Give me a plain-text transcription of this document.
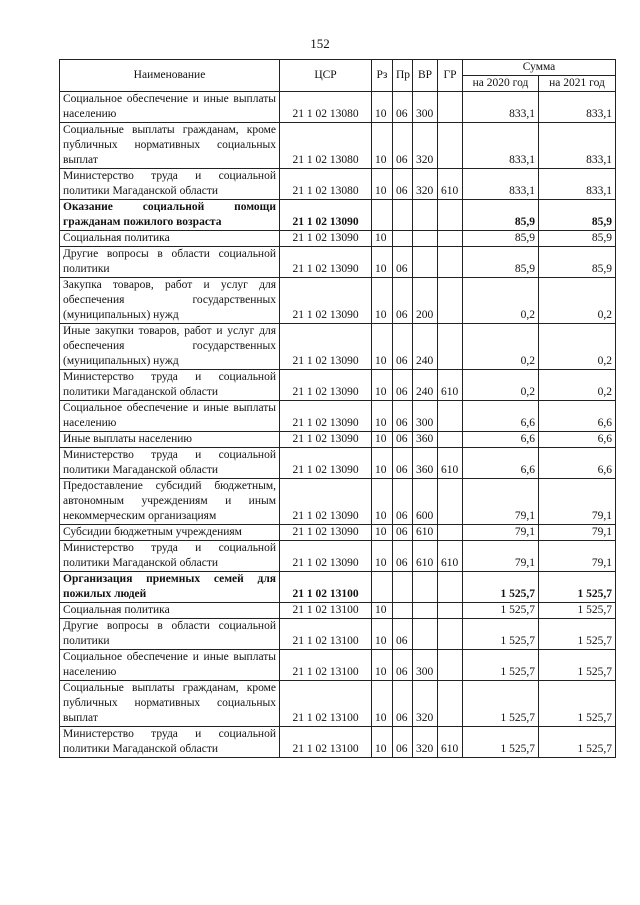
152
Наименование	ЦСР	Рз	Пр	ВР	ГР	Сумма	
						на 2020 год	на 2021 год
Социальное обеспечение и иные выплаты населению	21 1 02 13080	10	06	300		833,1	833,1
Социальные выплаты гражданам, кроме публичных нормативных социальных выплат	21 1 02 13080	10	06	320		833,1	833,1
Министерство труда и социальной политики Магаданской области	21 1 02 13080	10	06	320	610	833,1	833,1
Оказание социальной помощи гражданам пожилого возраста	21 1 02 13090					85,9	85,9
Социальная политика	21 1 02 13090	10				85,9	85,9
Другие вопросы в области социальной политики	21 1 02 13090	10	06			85,9	85,9
Закупка товаров, работ и услуг для обеспечения государственных (муниципальных) нужд	21 1 02 13090	10	06	200		0,2	0,2
Иные закупки товаров, работ и услуг для обеспечения государственных (муниципальных) нужд	21 1 02 13090	10	06	240		0,2	0,2
Министерство труда и социальной политики Магаданской области	21 1 02 13090	10	06	240	610	0,2	0,2
Социальное обеспечение и иные выплаты населению	21 1 02 13090	10	06	300		6,6	6,6
Иные выплаты населению	21 1 02 13090	10	06	360		6,6	6,6
Министерство труда и социальной политики Магаданской области	21 1 02 13090	10	06	360	610	6,6	6,6
Предоставление субсидий бюджетным, автономным учреждениям и иным некоммерческим организациям	21 1 02 13090	10	06	600		79,1	79,1
Субсидии бюджетным учреждениям	21 1 02 13090	10	06	610		79,1	79,1
Министерство труда и социальной политики Магаданской области	21 1 02 13090	10	06	610	610	79,1	79,1
Организация приемных семей для пожилых людей	21 1 02 13100					1 525,7	1 525,7
Социальная политика	21 1 02 13100	10				1 525,7	1 525,7
Другие вопросы в области социальной политики	21 1 02 13100	10	06			1 525,7	1 525,7
Социальное обеспечение и иные выплаты населению	21 1 02 13100	10	06	300		1 525,7	1 525,7
Социальные выплаты гражданам, кроме публичных нормативных социальных выплат	21 1 02 13100	10	06	320		1 525,7	1 525,7
Министерство труда и социальной политики Магаданской области	21 1 02 13100	10	06	320	610	1 525,7	1 525,7
